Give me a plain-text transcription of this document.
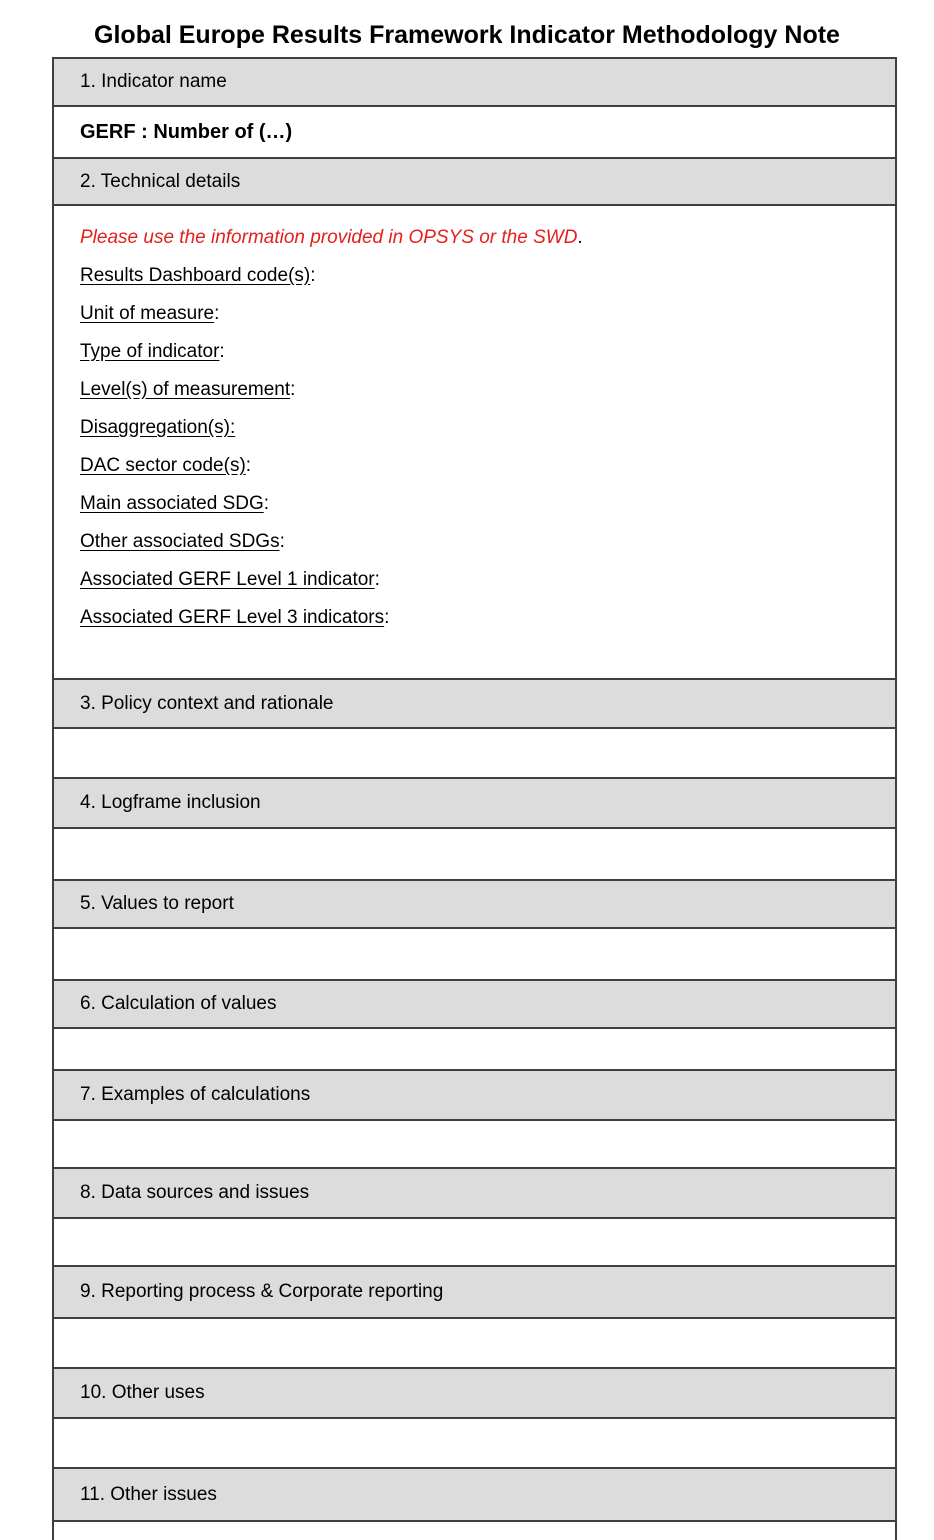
Global Europe Results Framework Indicator Methodology Note
1. Indicator name
GERF : Number of (…)
2. Technical details

Please use the information provided in OPSYS or the SWD.

Results Dashboard code(s):

Unit of measure:

Type of indicator:

Level(s) of measurement:

Disaggregation(s):

DAC sector code(s):

Main associated SDG:

Other associated SDGs:

Associated GERF Level 1 indicator:

Associated GERF Level 3 indicators:

3. Policy context and rationale
4. Logframe inclusion
5. Values to report
6. Calculation of values
7. Examples of calculations
8. Data sources and issues
9. Reporting process & Corporate reporting
10. Other uses
11. Other issues
